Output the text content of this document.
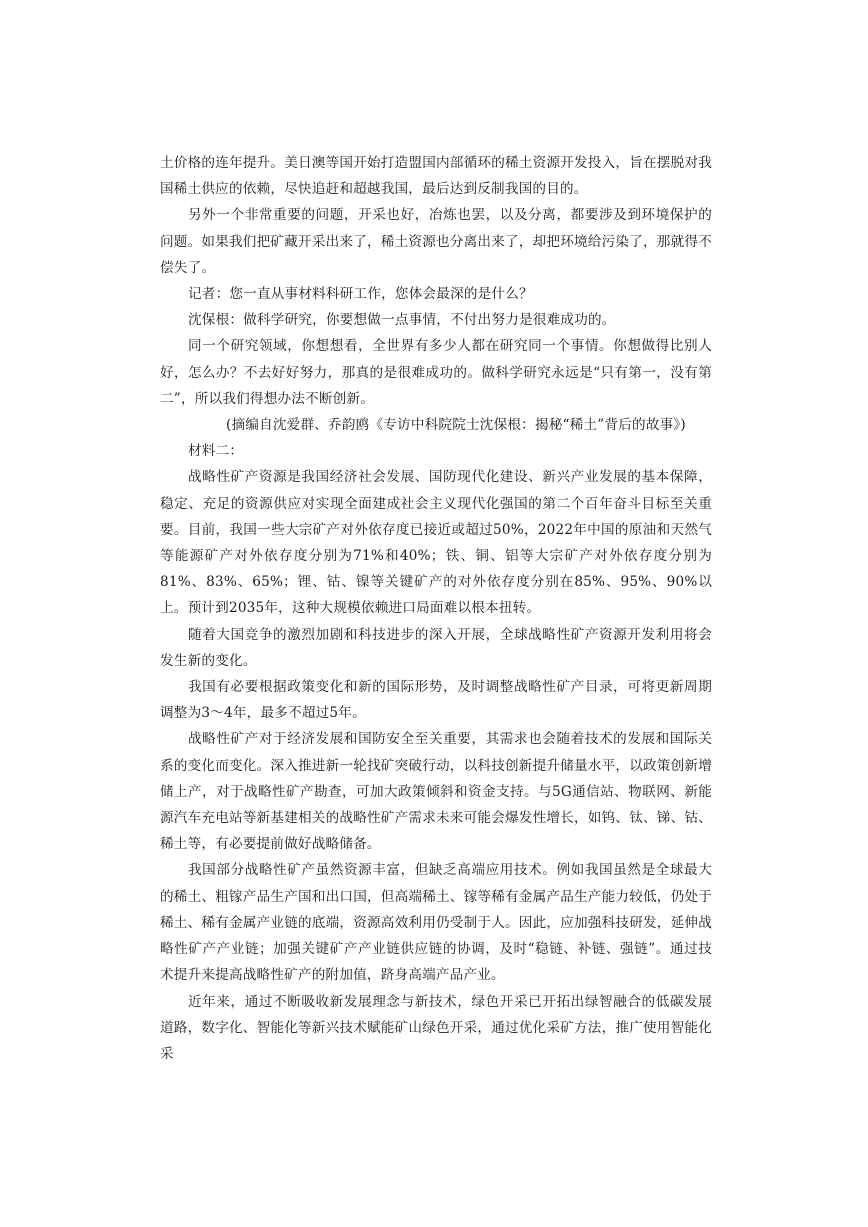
土价格的连年提升。美日澳等国开始打造盟国内部循环的稀土资源开发投入，旨在摆脱对我国稀土供应的依赖，尽快追赶和超越我国，最后达到反制我国的目的。

另外一个非常重要的问题，开采也好，冶炼也罢，以及分离，都要涉及到环境保护的问题。如果我们把矿藏开采出来了，稀土资源也分离出来了，却把环境给污染了，那就得不偿失了。

记者：您一直从事材料科研工作，您体会最深的是什么？

沈保根：做科学研究，你要想做一点事情，不付出努力是很难成功的。

同一个研究领域，你想想看，全世界有多少人都在研究同一个事情。你想做得比别人好，怎么办？不去好好努力，那真的是很难成功的。做科学研究永远是“只有第一，没有第二”，所以我们得想办法不断创新。

(摘编自沈爱群、乔韵鸥《专访中科院院士沈保根：揭秘“稀土”背后的故事》)

材料二：

战略性矿产资源是我国经济社会发展、国防现代化建设、新兴产业发展的基本保障，稳定、充足的资源供应对实现全面建成社会主义现代化强国的第二个百年奋斗目标至关重要。目前，我国一些大宗矿产对外依存度已接近或超过50%，2022年中国的原油和天然气等能源矿产对外依存度分别为71%和40%；铁、铜、铝等大宗矿产对外依存度分别为81%、83%、65%；锂、钴、镍等关键矿产的对外依存度分别在85%、95%、90%以上。预计到2035年，这种大规模依赖进口局面难以根本扭转。

随着大国竞争的激烈加剧和科技进步的深入开展，全球战略性矿产资源开发利用将会发生新的变化。

我国有必要根据政策变化和新的国际形势，及时调整战略性矿产目录，可将更新周期调整为3～4年，最多不超过5年。

战略性矿产对于经济发展和国防安全至关重要，其需求也会随着技术的发展和国际关系的变化而变化。深入推进新一轮找矿突破行动，以科技创新提升储量水平，以政策创新增储上产，对于战略性矿产勘查，可加大政策倾斜和资金支持。与5G通信站、物联网、新能源汽车充电站等新基建相关的战略性矿产需求未来可能会爆发性增长，如钨、钛、锑、钴、稀土等，有必要提前做好战略储备。

我国部分战略性矿产虽然资源丰富，但缺乏高端应用技术。例如我国虽然是全球最大的稀土、粗镓产品生产国和出口国，但高端稀土、镓等稀有金属产品生产能力较低，仍处于稀土、稀有金属产业链的底端，资源高效利用仍受制于人。因此，应加强科技研发，延伸战略性矿产产业链；加强关键矿产产业链供应链的协调，及时“稳链、补链、强链”。通过技术提升来提高战略性矿产的附加值，跻身高端产品产业。

近年来，通过不断吸收新发展理念与新技术，绿色开采已开拓出绿智融合的低碳发展道路，数字化、智能化等新兴技术赋能矿山绿色开采，通过优化采矿方法，推广使用智能化采
